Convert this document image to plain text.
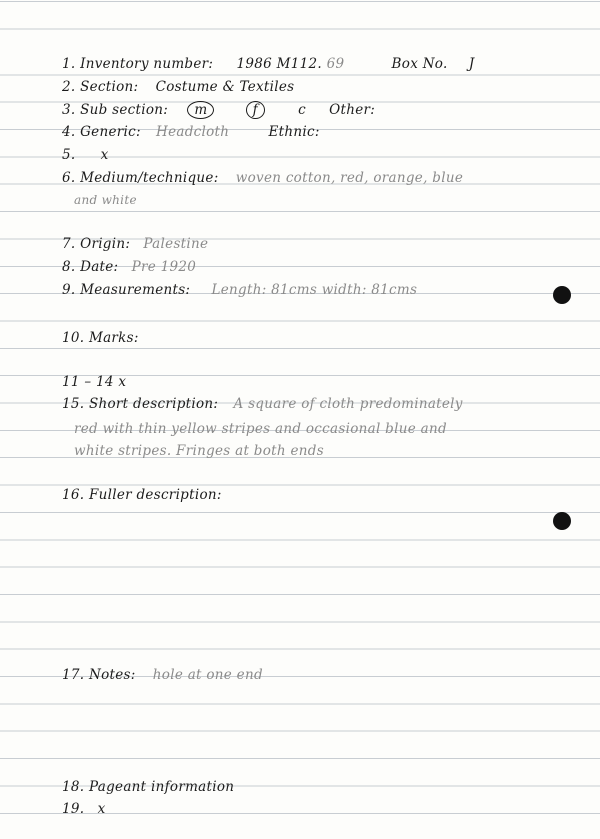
1. Inventory number: 1986 M112. 69	Box No. J
2. Section: Costume & Textiles
3. Sub section: m	f	c Other:
4. Generic: Headcloth	Ethnic:
5. x
6. Medium/technique: woven cotton, red, orange, blue
and white
7. Origin: Palestine
8. Date: Pre 1920
9. Measurements: Length: 81cms width: 81cms
10. Marks:
11 – 14 x
15. Short description: A square of cloth predominately
red with thin yellow stripes and occasional blue and
white stripes. Fringes at both ends
16. Fuller description:
17. Notes: hole at one end
18. Pageant information
19. x
